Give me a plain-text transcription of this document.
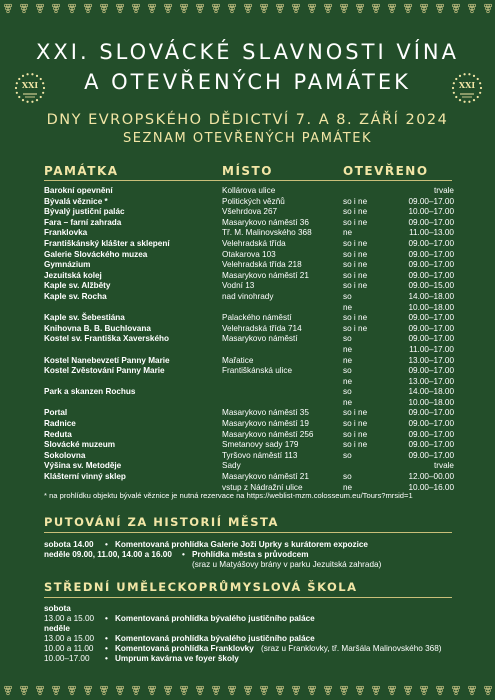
XXI	XXI
XXI. SLOVÁCKÉ SLAVNOSTI VÍNA
A OTEVŘENÝCH PAMÁTEK
DNY EVROPSKÉHO DĚDICTVÍ 7. A 8. ZÁŘÍ 2024
SEZNAM OTEVŘENÝCH PAMÁTEK
PAMÁTKA	MÍSTO	OTEVŘENO
Barokní opevnění	Kollárova ulice	trvale
Bývalá věznice *	Politických vězňů	so i ne	09.00–17.00
Bývalý justiční palác	Všehrdova 267	so i ne	10.00–17.00
Fara – farní zahrada	Masarykovo náměstí 36	so i ne	09.00–17.00
Franklovka	Tř. M. Malinovského 368	ne	11.00–13.00
Františkánský klášter a sklepení	Velehradská třída	so i ne	09.00–17.00
Galerie Slováckého muzea	Otakarova 103	so i ne	09.00–17.00
Gymnázium	Velehradská třída 218	so i ne	09.00–17.00
Jezuitská kolej	Masarykovo náměstí 21	so i ne	09.00–17.00
Kaple sv. Alžběty	Vodní 13	so i ne	09.00–15.00
Kaple sv. Rocha	nad vinohrady	so	14.00–18.00
ne	10.00–18.00
Kaple sv. Šebestiána	Palackého náměstí	so i ne	09.00–17.00
Knihovna B. B. Buchlovana	Velehradská třída 714	so i ne	09.00–17.00
Kostel sv. Františka Xaverského	Masarykovo náměstí	so	09.00–17.00
ne	11.00–17.00
Kostel Nanebevzetí Panny Marie	Mařatice	ne	13.00–17.00
Kostel Zvěstování Panny Marie	Františkánská ulice	so	09.00–17.00
ne	13.00–17.00
Park a skanzen Rochus	so	14.00–18.00
ne	10.00–18.00
Portal	Masarykovo náměstí 35	so i ne	09.00–17.00
Radnice	Masarykovo náměstí 19	so i ne	09.00–17.00
Reduta	Masarykovo náměstí 256	so i ne	09.00–17.00
Slovácké muzeum	Smetanovy sady 179	so i ne	09.00–17.00
Sokolovna	Tyršovo náměstí 113	so	09.00–17.00
Výšina sv. Metoděje	Sady	trvale
Klášterní vinný sklep	Masarykovo náměstí 21	so	12.00–00.00
vstup z Nádražní ulice	ne	10.00–16.00
* na prohlídku objektu bývalé věznice je nutná rezervace na https://weblist-mzm.colosseum.eu/Tours?mrsid=1
PUTOVÁNÍ ZA HISTORIÍ MĚSTA
sobota 14.00 • Komentovaná prohlídka Galerie Joži Uprky s kurátorem expozice
neděle 09.00, 11.00, 14.00 a 16.00 • Prohlídka města s průvodcem
(sraz u Matyášovy brány v parku Jezuitská zahrada)
STŘEDNÍ UMĚLECKOPRŮMYSLOVÁ ŠKOLA
sobota
13.00 a 15.00 • Komentovaná prohlídka bývalého justičního paláce
neděle
13.00 a 15.00 • Komentovaná prohlídka bývalého justičního paláce
10.00 a 11.00 • Komentovaná prohlídka Franklovky (sraz u Franklovky, tř. Maršála Malinovského 368)
10.00–17.00 • Umprum kavárna ve foyer školy
